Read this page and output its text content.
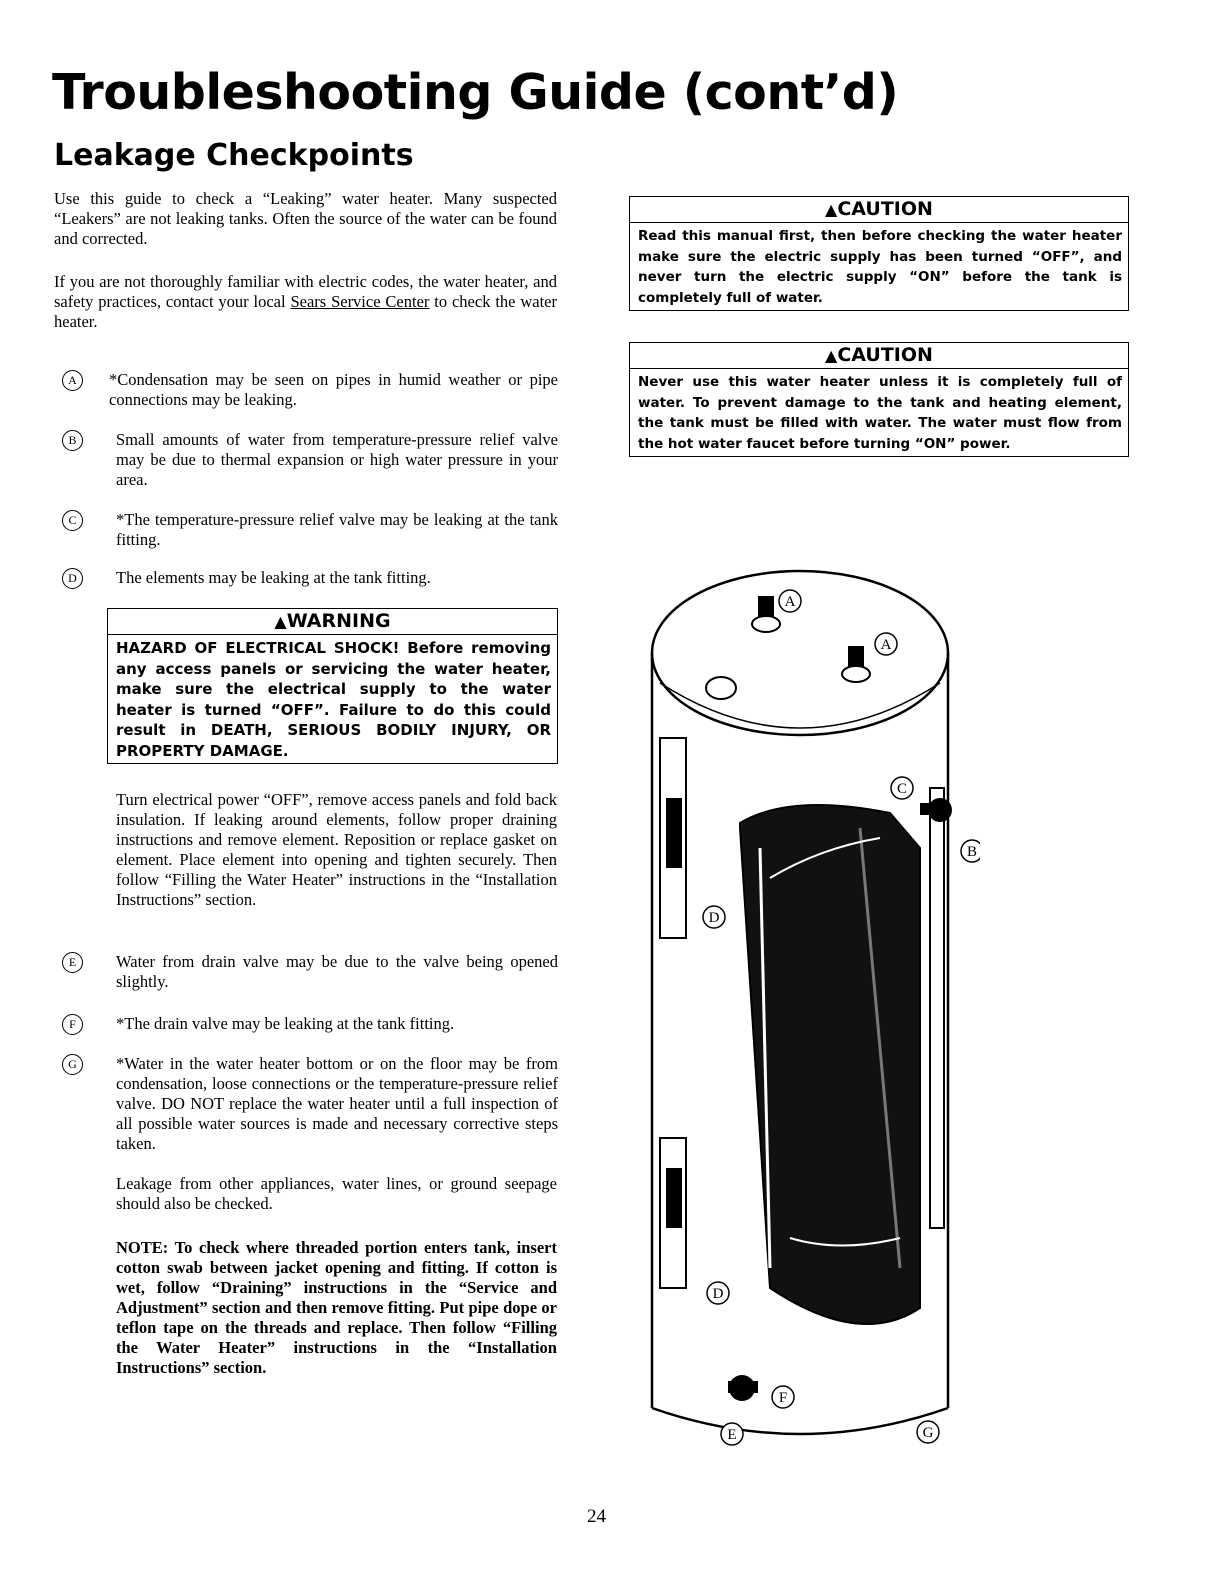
Troubleshooting Guide (cont’d)
Leakage Checkpoints
Use this guide to check a “Leaking” water heater. Many suspected “Leakers” are not leaking tanks. Often the source of the water can be found and corrected.
If you are not thoroughly familiar with electric codes, the water heater, and safety practices, contact your local Sears Service Center to check the water heater.
A	*Condensation may be seen on pipes in humid weather or pipe connections may be leaking.
B	Small amounts of water from temperature-pressure relief valve may be due to thermal expansion or high water pressure in your area.
C	*The temperature-pressure relief valve may be leaking at the tank fitting.
D	The elements may be leaking at the tank fitting.
▲WARNING
HAZARD OF ELECTRICAL SHOCK! Before removing any access panels or servicing the water heater, make sure the electrical supply to the water heater is turned “OFF”. Failure to do this could result in DEATH, SERIOUS BODILY INJURY, OR PROPERTY DAMAGE.
Turn electrical power “OFF”, remove access panels and fold back insulation. If leaking around elements, follow proper draining instructions and remove element. Reposition or replace gasket on element. Place element into opening and tighten securely. Then follow “Filling the Water Heater” instructions in the “Installation Instructions” section.
E	Water from drain valve may be due to the valve being opened slightly.
F	*The drain valve may be leaking at the tank fitting.
G	*Water in the water heater bottom or on the floor may be from condensation, loose connections or the temperature-pressure relief valve. DO NOT replace the water heater until a full inspection of all possible water sources is made and necessary corrective steps taken.
Leakage from other appliances, water lines, or ground seepage should also be checked.
NOTE: To check where threaded portion enters tank, insert cotton swab between jacket opening and fitting. If cotton is wet, follow “Draining” instructions in the “Service and Adjustment” section and then remove fitting. Put pipe dope or teflon tape on the threads and replace. Then follow “Filling the Water Heater” instructions in the “Installation Instructions” section.
▲CAUTION
Read this manual first, then before checking the water heater make sure the electric supply has been turned “OFF”, and never turn the electric supply “ON” before the tank is completely full of water.
▲CAUTION
Never use this water heater unless it is completely full of water. To prevent damage to the tank and heating element, the tank must be filled with water. The water must flow from the hot water faucet before turning “ON” power.
A
A
C
B
D
D
F
E	G
24
